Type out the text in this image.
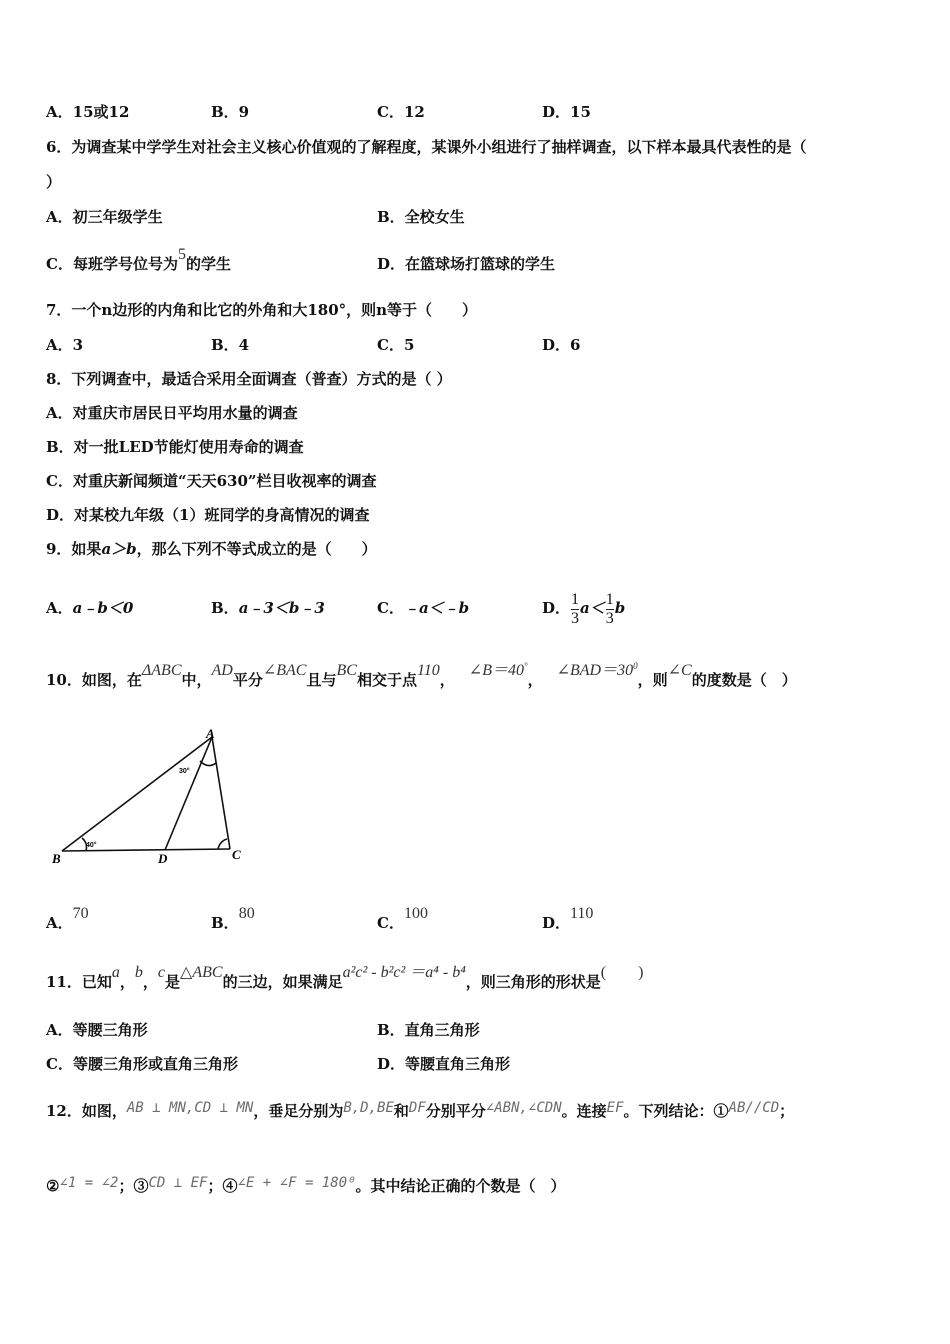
A．15或12	B．9	C．12	D．15
6．为调查某中学学生对社会主义核心价值观的了解程度，某课外小组进行了抽样调查，以下样本最具代表性的是（
）
A．初三年级学生	B．全校女生
C．每班学号位号为5的学生	D．在篮球场打篮球的学生
7．一个n边形的内角和比它的外角和大180°，则n等于（　　）
A．3	B．4	C．5	D．6
8．下列调查中，最适合采用全面调查（普查）方式的是（ ）
A．对重庆市居民日平均用水量的调查
B．对一批LED节能灯使用寿命的调查
C．对重庆新闻频道“天天630”栏目收视率的调查
D．对某校九年级（1）班同学的身高情况的调查
9．如果a＞b，那么下列不等式成立的是（　　）
A．a﹣b＜0	B．a﹣3＜b﹣3	C．﹣a＜﹣b	D．$\frac{1}{3} a<\frac{1}{3}$ b
10．如图，在ΔABC中，AD平分∠BAC且与BC相交于点110，∠B＝40°，$\angle BAD=30^0$，则∠C的度数是（　）
A
B	C
D
40°
30°
A．70
B．80
C．100
D．110
11．已知a，b，c是△ABC的三边，如果满足a²c² - b²c² ＝a⁴ - b⁴，则三角形的形状是(　　)
A．等腰三角形	B．直角三角形
C．等腰三角形或直角三角形	D．等腰直角三角形
12．如图，AB ⊥ MN,CD ⊥ MN，垂足分别为B,D,BE和DF分别平分∠ABN,∠CDN。连接EF。下列结论：①AB//CD；
②∠1 = ∠2；③CD ⊥ EF；④∠E + ∠F = 180⁰。其中结论正确的个数是（　）
